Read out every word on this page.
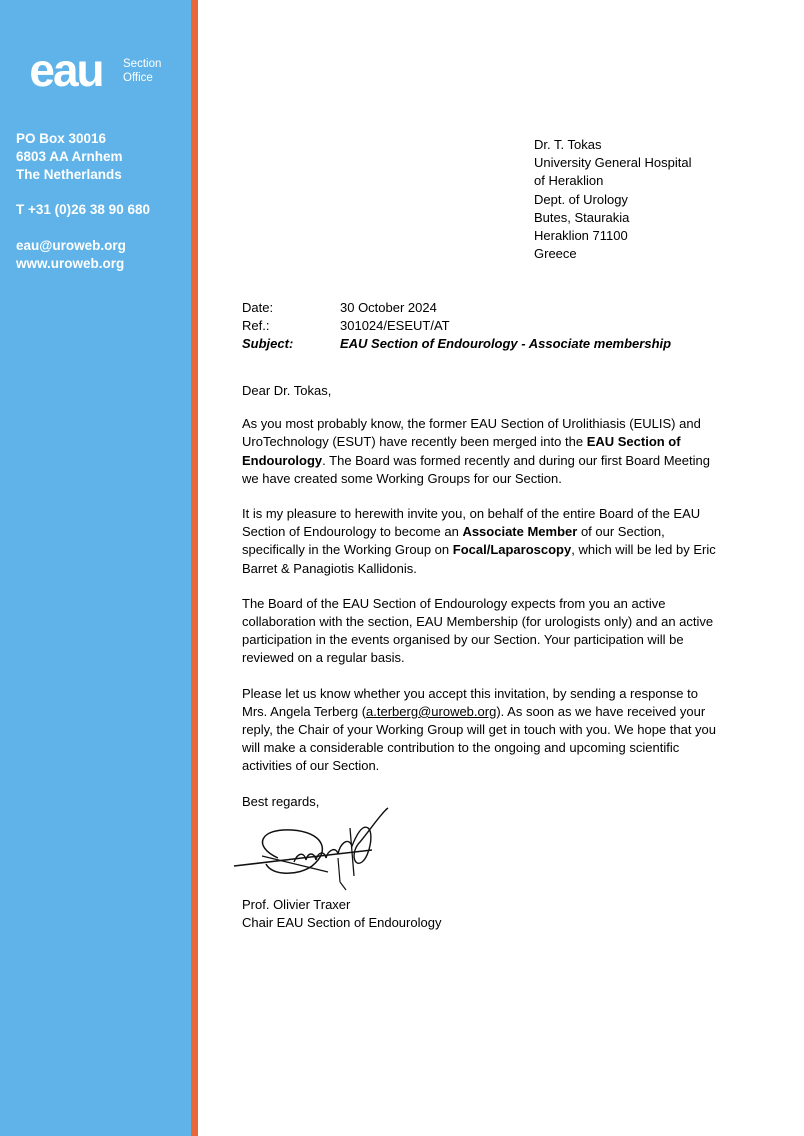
eau Section
Office
PO Box 30016
6803 AA Arnhem
The Netherlands
T +31 (0)26 38 90 680
eau@uroweb.org
www.uroweb.org
Dr. T. Tokas
University General Hospital
of Heraklion
Dept. of Urology
Butes, Staurakia
Heraklion 71100
Greece
Date:	30 October 2024
Ref.:	301024/ESEUT/AT
Subject:	EAU Section of Endourology - Associate membership

Dear Dr. Tokas,

As you most probably know, the former EAU Section of Urolithiasis (EULIS) and UroTechnology (ESUT) have recently been merged into the EAU Section of Endourology. The Board was formed recently and during our first Board Meeting we have created some Working Groups for our Section.

It is my pleasure to herewith invite you, on behalf of the entire Board of the EAU Section of Endourology to become an Associate Member of our Section, specifically in the Working Group on Focal/Laparoscopy, which will be led by Eric Barret & Panagiotis Kallidonis.

The Board of the EAU Section of Endourology expects from you an active collaboration with the section, EAU Membership (for urologists only) and an active participation in the events organised by our Section. Your participation will be reviewed on a regular basis.

Please let us know whether you accept this invitation, by sending a response to Mrs. Angela Terberg (a.terberg@uroweb.org). As soon as we have received your reply, the Chair of your Working Group will get in touch with you. We hope that you will make a considerable contribution to the ongoing and upcoming scientific activities of our Section.

Best regards,

Prof. Olivier Traxer
Chair EAU Section of Endourology
